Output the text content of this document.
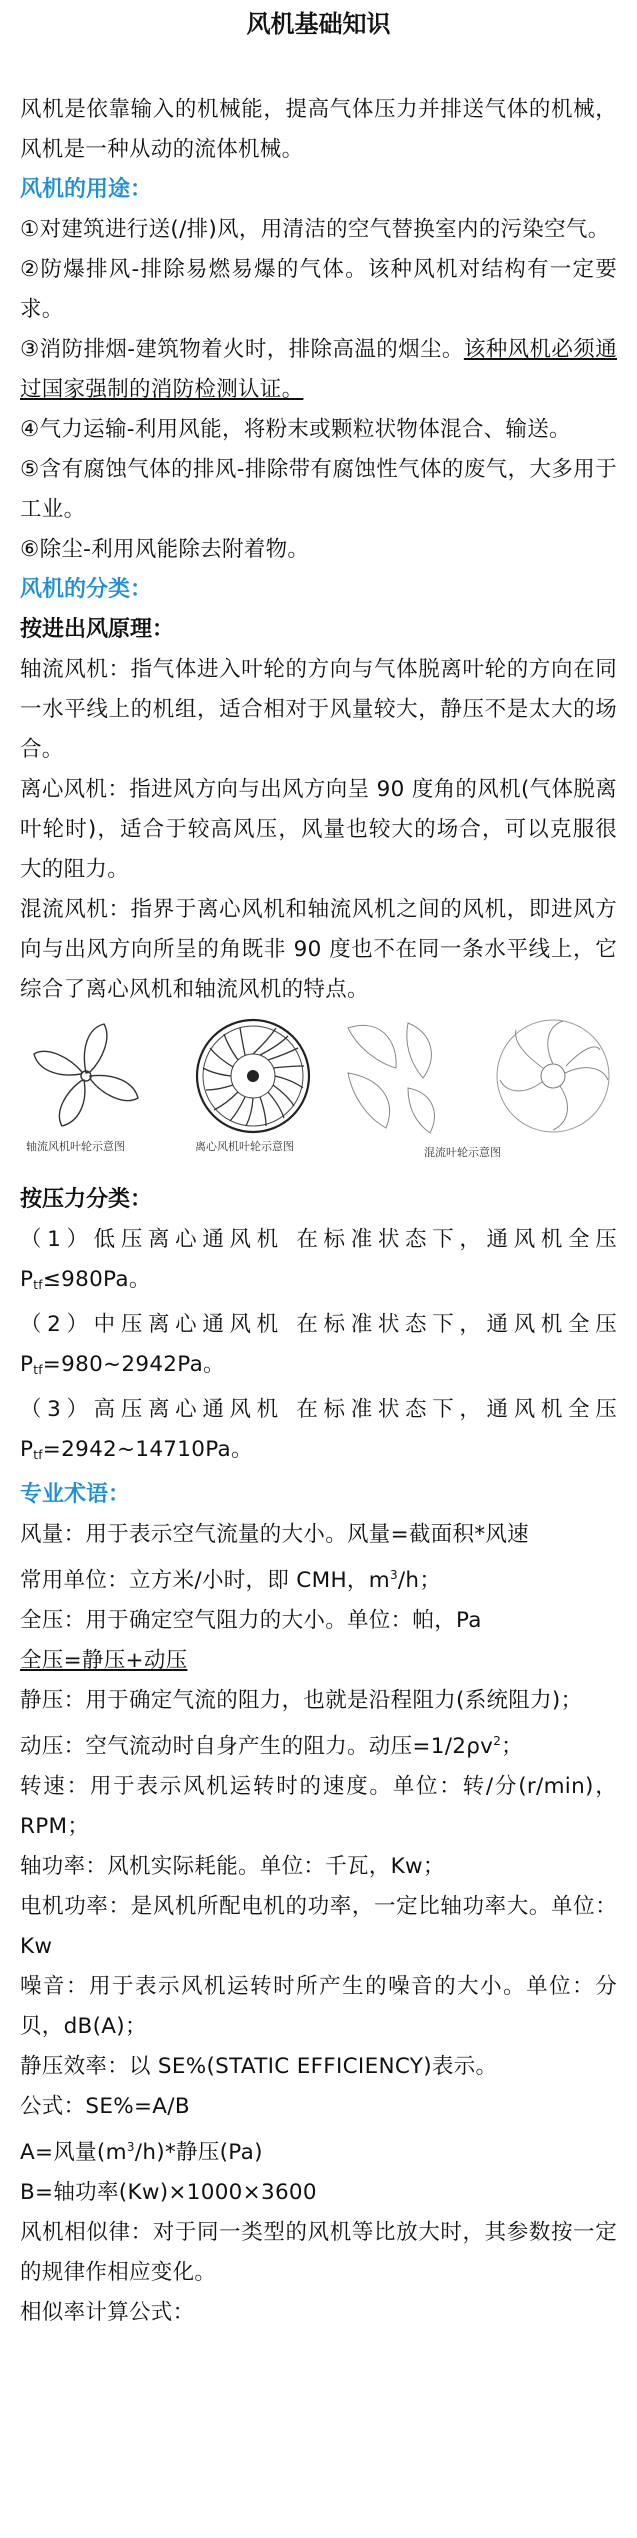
风机基础知识

风机是依靠输入的机械能，提高气体压力并排送气体的机械，风机是一种从动的流体机械。

风机的用途：

①对建筑进行送(/排)风，用清洁的空气替换室内的污染空气。

②防爆排风-排除易燃易爆的气体。该种风机对结构有一定要求。

③消防排烟-建筑物着火时，排除高温的烟尘。该种风机必须通过国家强制的消防检测认证。

④气力运输-利用风能，将粉末或颗粒状物体混合、输送。

⑤含有腐蚀气体的排风-排除带有腐蚀性气体的废气，大多用于工业。

⑥除尘-利用风能除去附着物。

风机的分类：

按进出风原理：

轴流风机：指气体进入叶轮的方向与气体脱离叶轮的方向在同一水平线上的机组，适合相对于风量较大，静压不是太大的场合。

离心风机：指进风方向与出风方向呈 90 度角的风机(气体脱离叶轮时)，适合于较高风压，风量也较大的场合，可以克服很大的阻力。

混流风机：指界于离心风机和轴流风机之间的风机，即进风方向与出风方向所呈的角既非 90 度也不在同一条水平线上，它综合了离心风机和轴流风机的特点。

轴流风机叶轮示意图	离心风机叶轮示意图	混流叶轮示意图

按压力分类：

（1）低压离心通风机 在标准状态下，通风机全压 $P_{tf}\le 980Pa$。

（2）中压离心通风机 在标准状态下，通风机全压 $P_{tf}=980\sim 2942Pa$。

（3）高压离心通风机 在标准状态下，通风机全压 $P_{tf}=2942\sim 14710Pa$。

专业术语：

风量：用于表示空气流量的大小。风量=截面积*风速

常用单位：立方米/小时，即 CMH，$m^3/h$；

全压：用于确定空气阻力的大小。单位：帕，Pa

全压=静压+动压

静压：用于确定气流的阻力，也就是沿程阻力(系统阻力)；

动压：空气流动时自身产生的阻力。动压$=1/2\rho v^2$；

转速：用于表示风机运转时的速度。单位：转/分(r/min)，RPM；

轴功率：风机实际耗能。单位：千瓦，Kw；

电机功率：是风机所配电机的功率，一定比轴功率大。单位：Kw

噪音：用于表示风机运转时所产生的噪音的大小。单位：分贝，dB(A)；

静压效率：以 SE%(STATIC EFFICIENCY)表示。

公式：SE%=A/B

A=风量$(m^3/h)*$静压(Pa)

B=轴功率(Kw)×1000×3600

风机相似律：对于同一类型的风机等比放大时，其参数按一定的规律作相应变化。

相似率计算公式：
